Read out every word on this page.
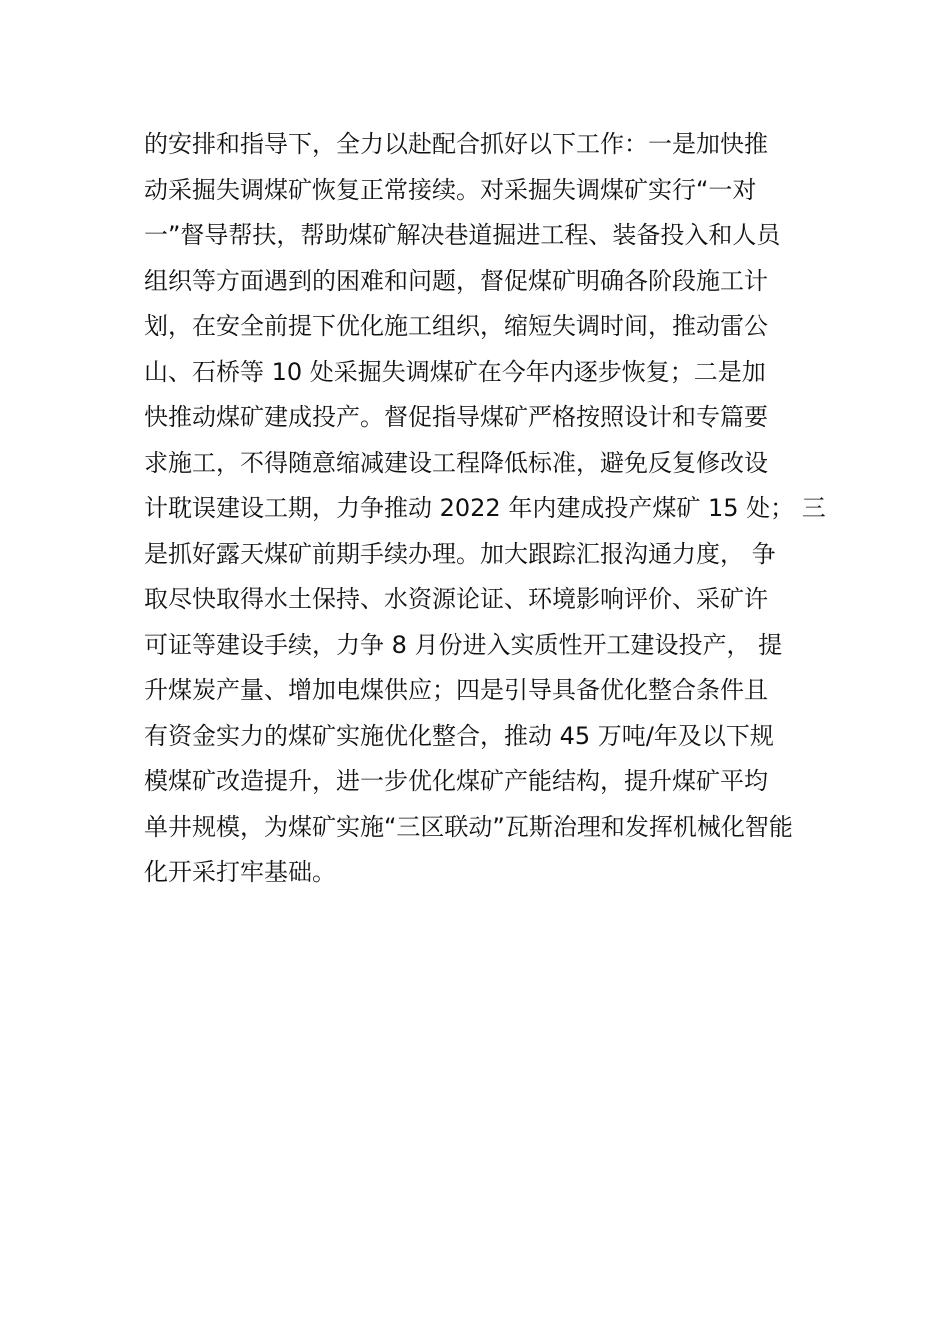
的安排和指导下，全力以赴配合抓好以下工作：一是加快推
动采掘失调煤矿恢复正常接续。对采掘失调煤矿实行“一对
一”督导帮扶，帮助煤矿解决巷道掘进工程、装备投入和人员
组织等方面遇到的困难和问题，督促煤矿明确各阶段施工计
划，在安全前提下优化施工组织，缩短失调时间，推动雷公
山、石桥等 10 处采掘失调煤矿在今年内逐步恢复；二是加
快推动煤矿建成投产。督促指导煤矿严格按照设计和专篇要
求施工，不得随意缩减建设工程降低标准，避免反复修改设
计耽误建设工期，力争推动 2022 年内建成投产煤矿 15 处； 三
是抓好露天煤矿前期手续办理。加大跟踪汇报沟通力度， 争
取尽快取得水土保持、水资源论证、环境影响评价、采矿许
可证等建设手续，力争 8 月份进入实质性开工建设投产， 提
升煤炭产量、增加电煤供应；四是引导具备优化整合条件且
有资金实力的煤矿实施优化整合，推动 45 万吨/年及以下规
模煤矿改造提升，进一步优化煤矿产能结构，提升煤矿平均
单井规模，为煤矿实施“三区联动”瓦斯治理和发挥机械化智能
化开采打牢基础。
